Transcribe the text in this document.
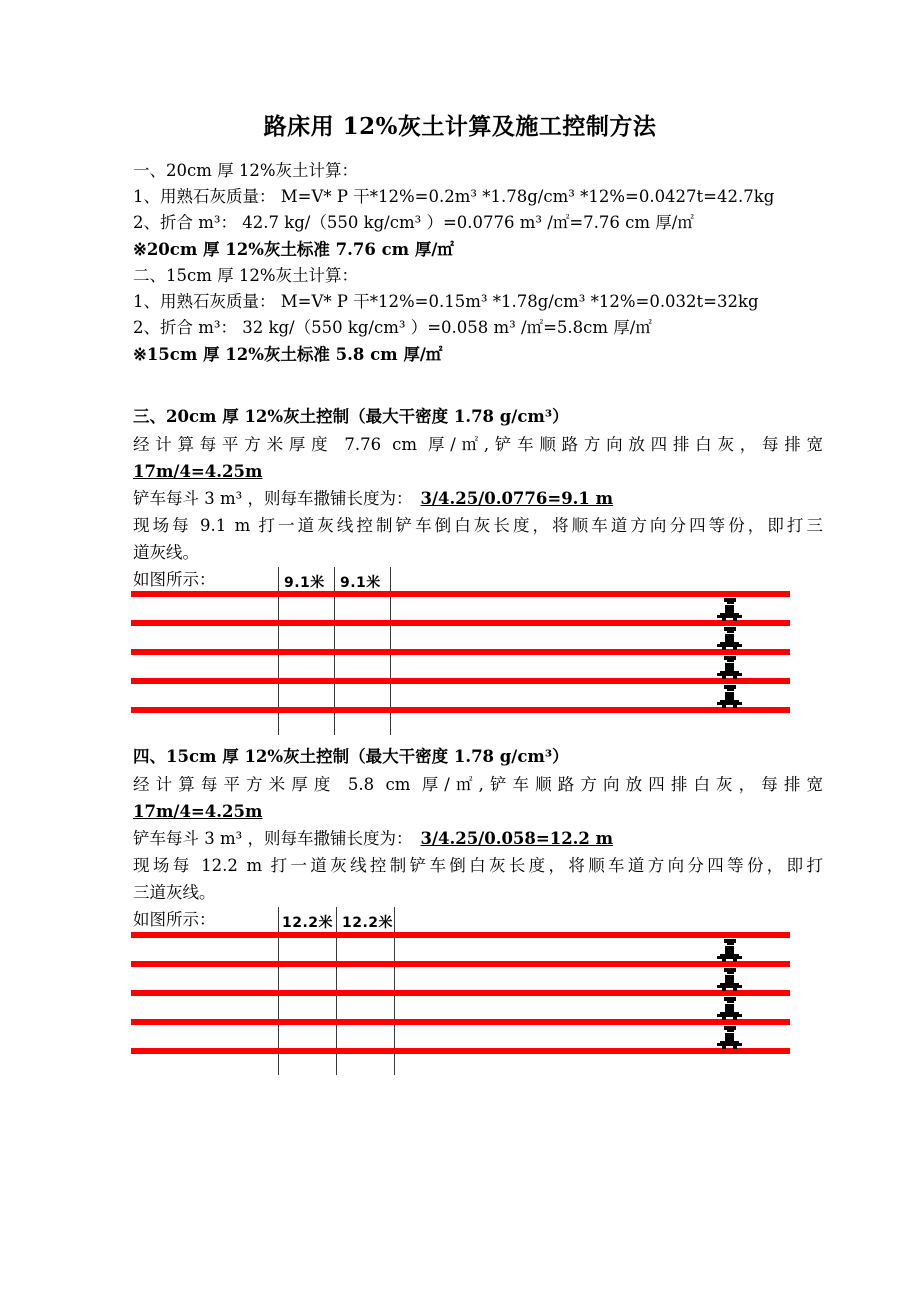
路床用 12%灰土计算及施工控制方法
一、20cm 厚 12%灰土计算：
1、用熟石灰质量： M=V* P 干*12%=0.2m³ *1.78g/cm³ *12%=0.0427t=42.7kg
2、折合 m³： 42.7 kg/（550 kg/cm³ ）=0.0776 m³ /㎡=7.76 cm 厚/㎡
※20cm 厚 12%灰土标准 7.76 cm 厚/㎡
二、15cm 厚 12%灰土计算：
1、用熟石灰质量： M=V* P 干*12%=0.15m³ *1.78g/cm³ *12%=0.032t=32kg
2、折合 m³： 32 kg/（550 kg/cm³ ）=0.058 m³ /㎡=5.8cm 厚/㎡
※15cm 厚 12%灰土标准 5.8 cm 厚/㎡
三、20cm 厚 12%灰土控制（最大干密度 1.78 g/cm³）
经计算每平方米厚度 7.76 cm 厚/㎡,铲车顺路方向放四排白灰，每排宽
17m/4=4.25m
铲车每斗 3 m³ ，则每车撒铺长度为： 3/4.25/0.0776=9.1 m
现场每 9.1 m 打一道灰线控制铲车倒白灰长度，将顺车道方向分四等份，即打三
道灰线。
如图所示：	9.1米 9.1米
四、15cm 厚 12%灰土控制（最大干密度 1.78 g/cm³）
经计算每平方米厚度 5.8 cm 厚/㎡,铲车顺路方向放四排白灰，每排宽
17m/4=4.25m
铲车每斗 3 m³ ，则每车撒铺长度为： 3/4.25/0.058=12.2 m
现场每 12.2 m 打一道灰线控制铲车倒白灰长度，将顺车道方向分四等份，即打
三道灰线。
如图所示：	12.2米 12.2米
